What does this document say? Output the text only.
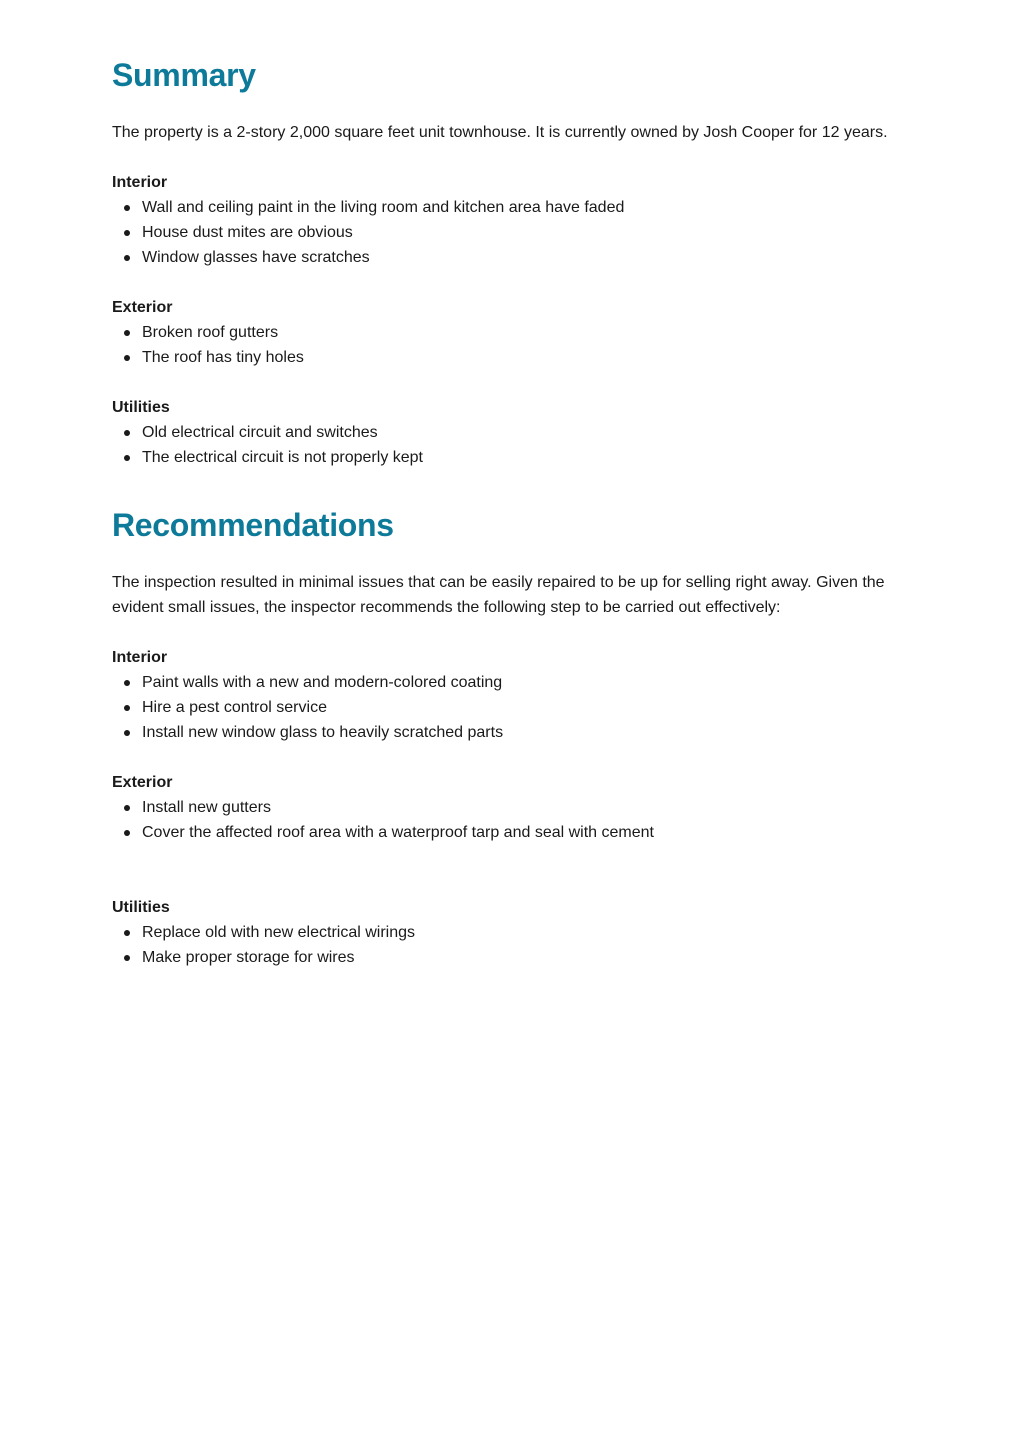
Summary

The property is a 2-story 2,000 square feet unit townhouse. It is currently owned by Josh Cooper for 12 years.

Interior

Wall and ceiling paint in the living room and kitchen area have faded
House dust mites are obvious
Window glasses have scratches

Exterior

Broken roof gutters
The roof has tiny holes

Utilities

Old electrical circuit and switches
The electrical circuit is not properly kept
Recommendations

The inspection resulted in minimal issues that can be easily repaired to be up for selling right away. Given the evident small issues, the inspector recommends the following step to be carried out effectively:

Interior

Paint walls with a new and modern-colored coating
Hire a pest control service
Install new window glass to heavily scratched parts

Exterior

Install new gutters
Cover the affected roof area with a waterproof tarp and seal with cement

Utilities

Replace old with new electrical wirings
Make proper storage for wires
